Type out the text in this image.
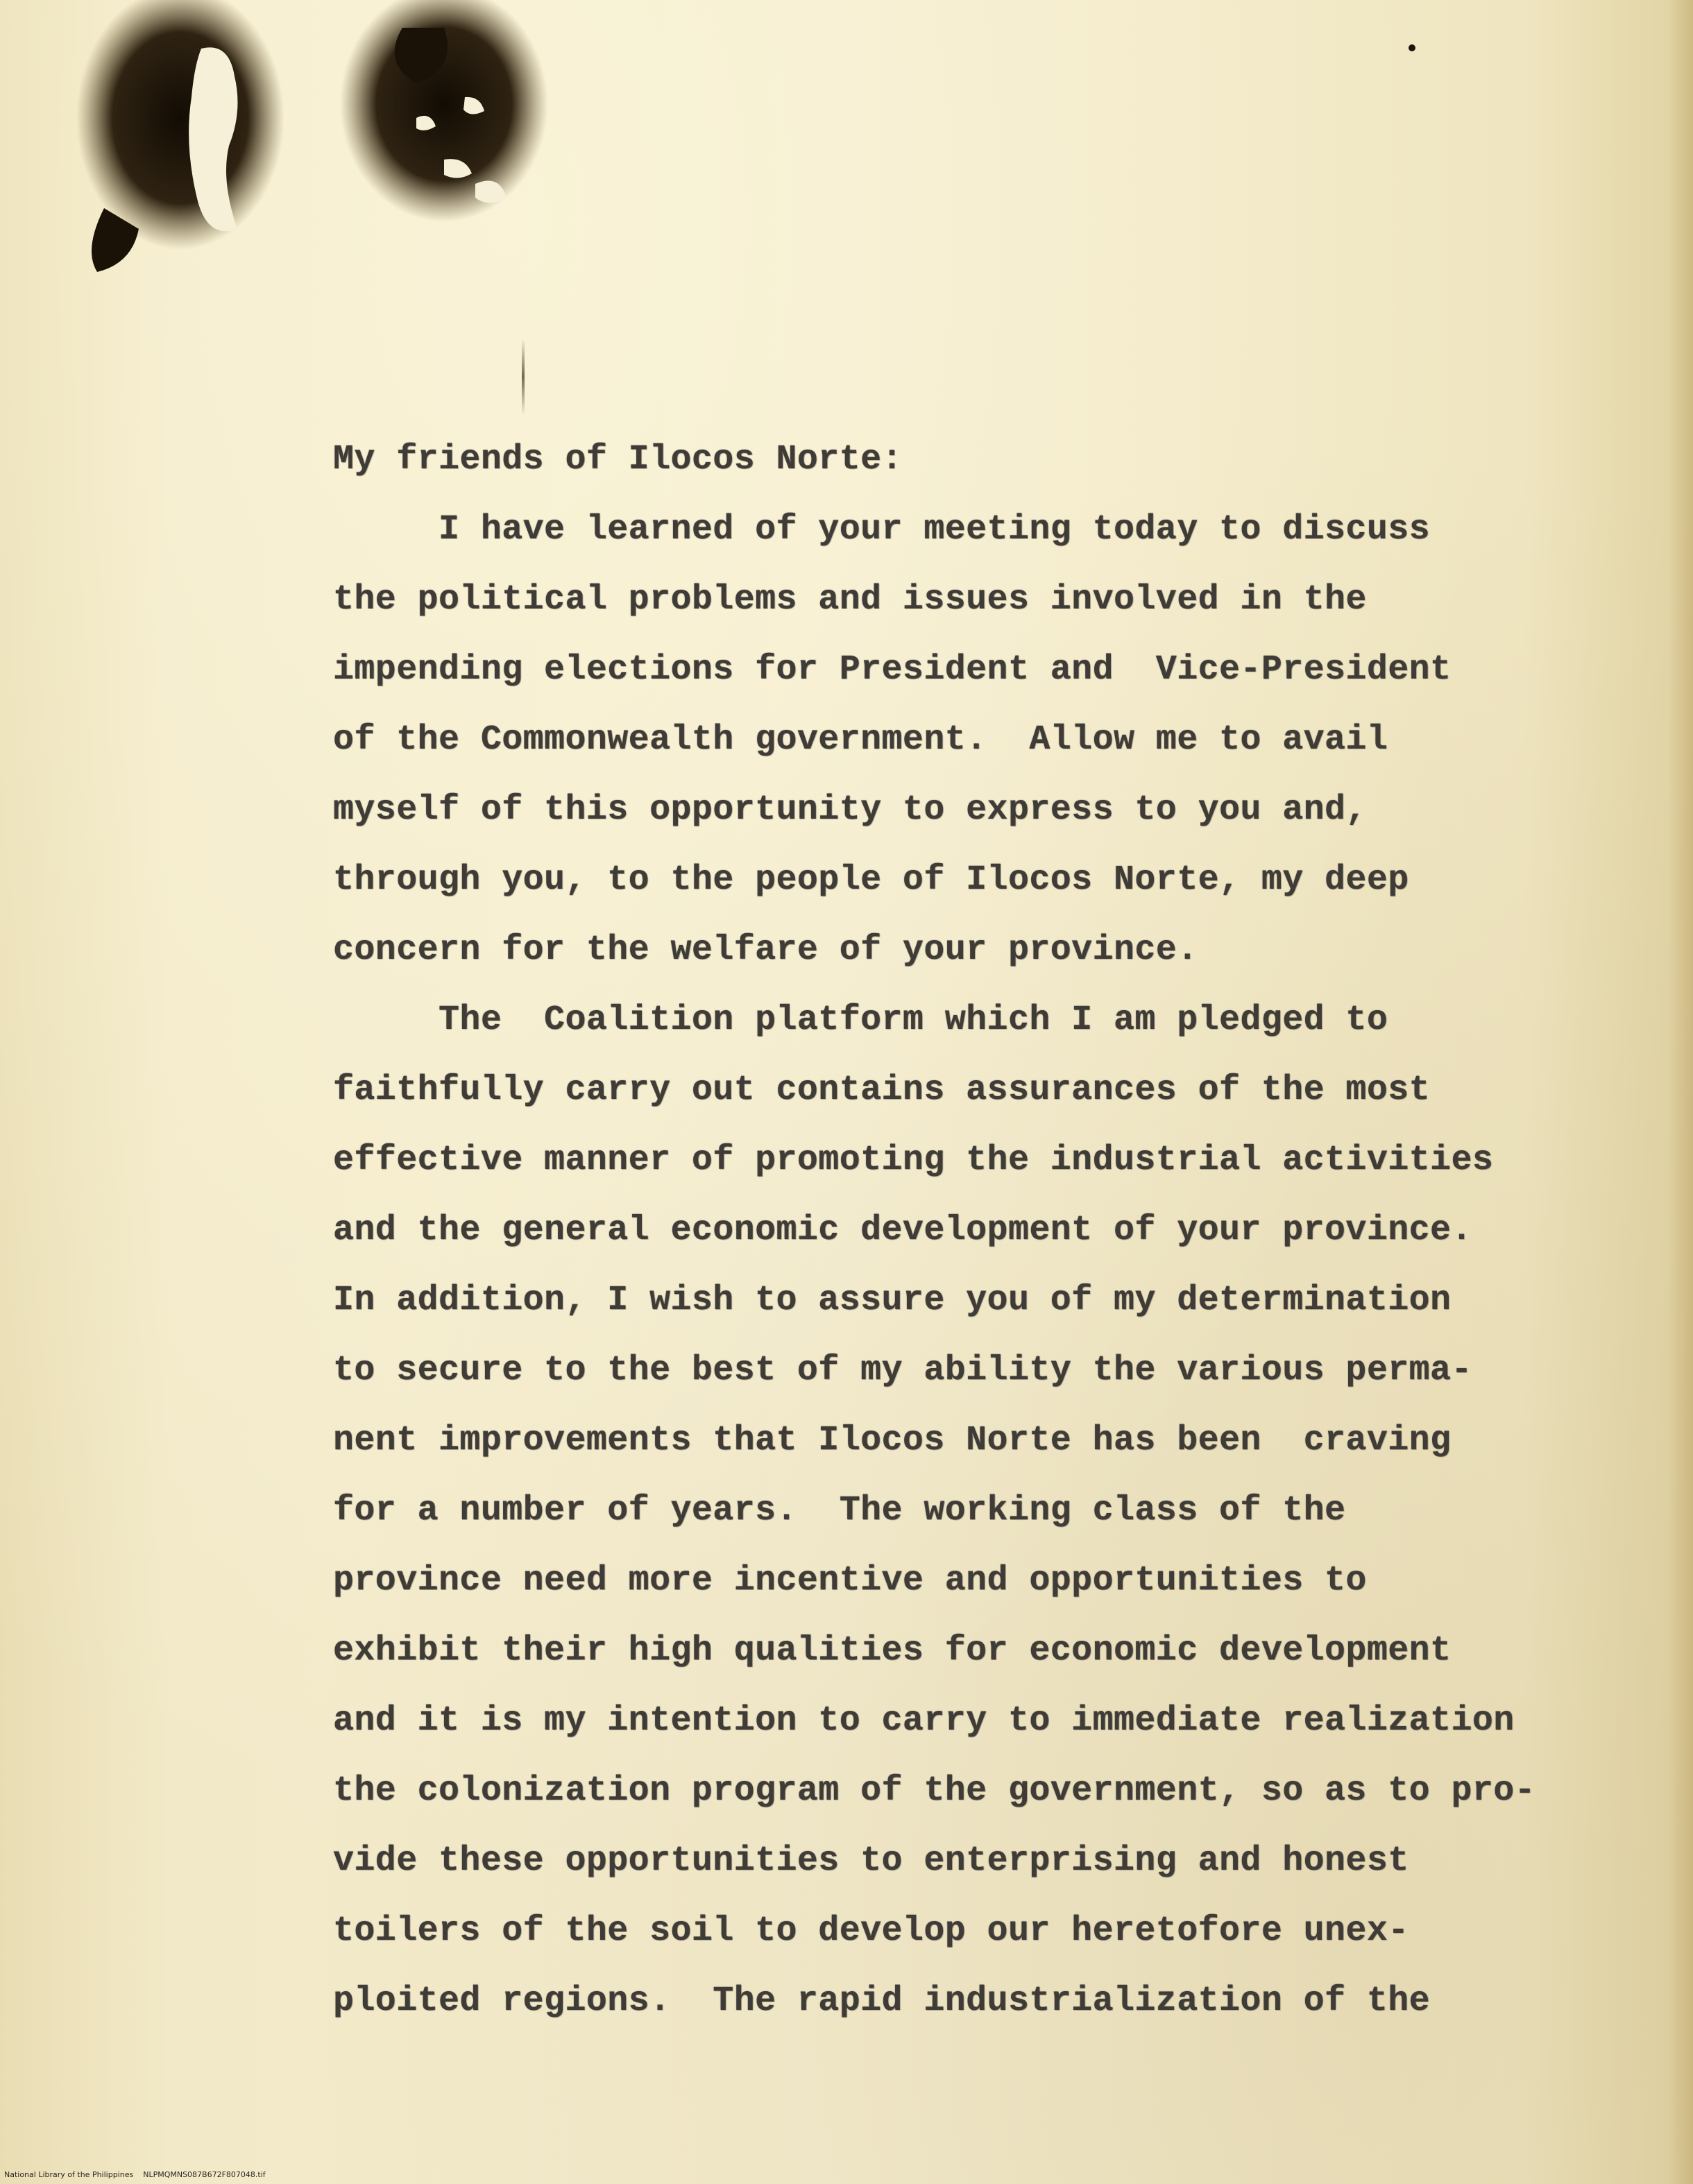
My friends of Ilocos Norte:
I have learned of your meeting today to discuss
the political problems and issues involved in the
impending elections for President and  Vice-President
of the Commonwealth government.  Allow me to avail
myself of this opportunity to express to you and,
through you, to the people of Ilocos Norte, my deep
concern for the welfare of your province.
The  Coalition platform which I am pledged to
faithfully carry out contains assurances of the most
effective manner of promoting the industrial activities
and the general economic development of your province.
In addition, I wish to assure you of my determination
to secure to the best of my ability the various perma-
nent improvements that Ilocos Norte has been  craving
for a number of years.  The working class of the
province need more incentive and opportunities to
exhibit their high qualities for economic development
and it is my intention to carry to immediate realization
the colonization program of the government, so as to pro-
vide these opportunities to enterprising and honest
toilers of the soil to develop our heretofore unex-
ploited regions.  The rapid industrialization of the
National Library of the Philippines NLPMQMNS087B672F807048.tif
